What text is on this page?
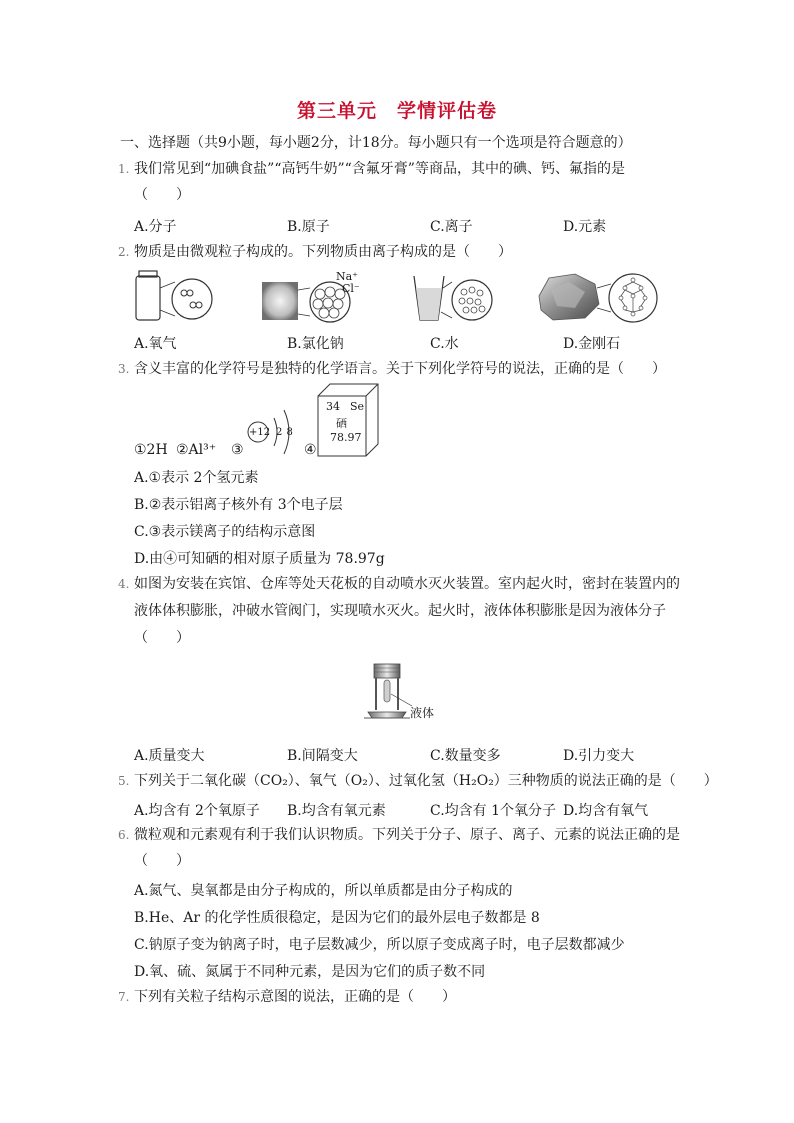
第三单元　学情评估卷
一、选择题（共9小题，每小题2分，计18分。每小题只有一个选项是符合题意的）
1. 我们常见到“加碘食盐”“高钙牛奶”“含氟牙膏”等商品，其中的碘、钙、氟指的是
（　　）
A.分子	B.原子	C.离子	D.元素
2. 物质是由微观粒子构成的。下列物质由离子构成的是（　　）
Na⁺
Cl⁻
A.氧气	B.氯化钠	C.水	D.金刚石
3. 含义丰富的化学符号是独特的化学语言。关于下列化学符号的说法，正确的是（　　）
①2H ②Al³⁺ ③
+12 2 8
④
34 Se
硒
78.97
A.①表示 2个氢元素
B.②表示铝离子核外有 3个电子层
C.③表示镁离子的结构示意图
D.由④可知硒的相对原子质量为 78.97g
4. 如图为安装在宾馆、仓库等处天花板的自动喷水灭火装置。室内起火时，密封在装置内的
液体体积膨胀，冲破水管阀门，实现喷水灭火。起火时，液体体积膨胀是因为液体分子
（　　）
液体
A.质量变大	B.间隔变大	C.数量变多	D.引力变大
5. 下列关于二氧化碳（CO₂）、氧气（O₂）、过氧化氢（H₂O₂）三种物质的说法正确的是（　　）
A.均含有 2个氧原子 B.均含有氧元素	C.均含有 1个氧分子 D.均含有氧气
6. 微粒观和元素观有利于我们认识物质。下列关于分子、原子、离子、元素的说法正确的是
（　　）
A.氮气、臭氧都是由分子构成的，所以单质都是由分子构成的
B.He、Ar 的化学性质很稳定，是因为它们的最外层电子数都是 8
C.钠原子变为钠离子时，电子层数减少，所以原子变成离子时，电子层数都减少
D.氧、硫、氮属于不同种元素，是因为它们的质子数不同
7. 下列有关粒子结构示意图的说法，正确的是（　　）
